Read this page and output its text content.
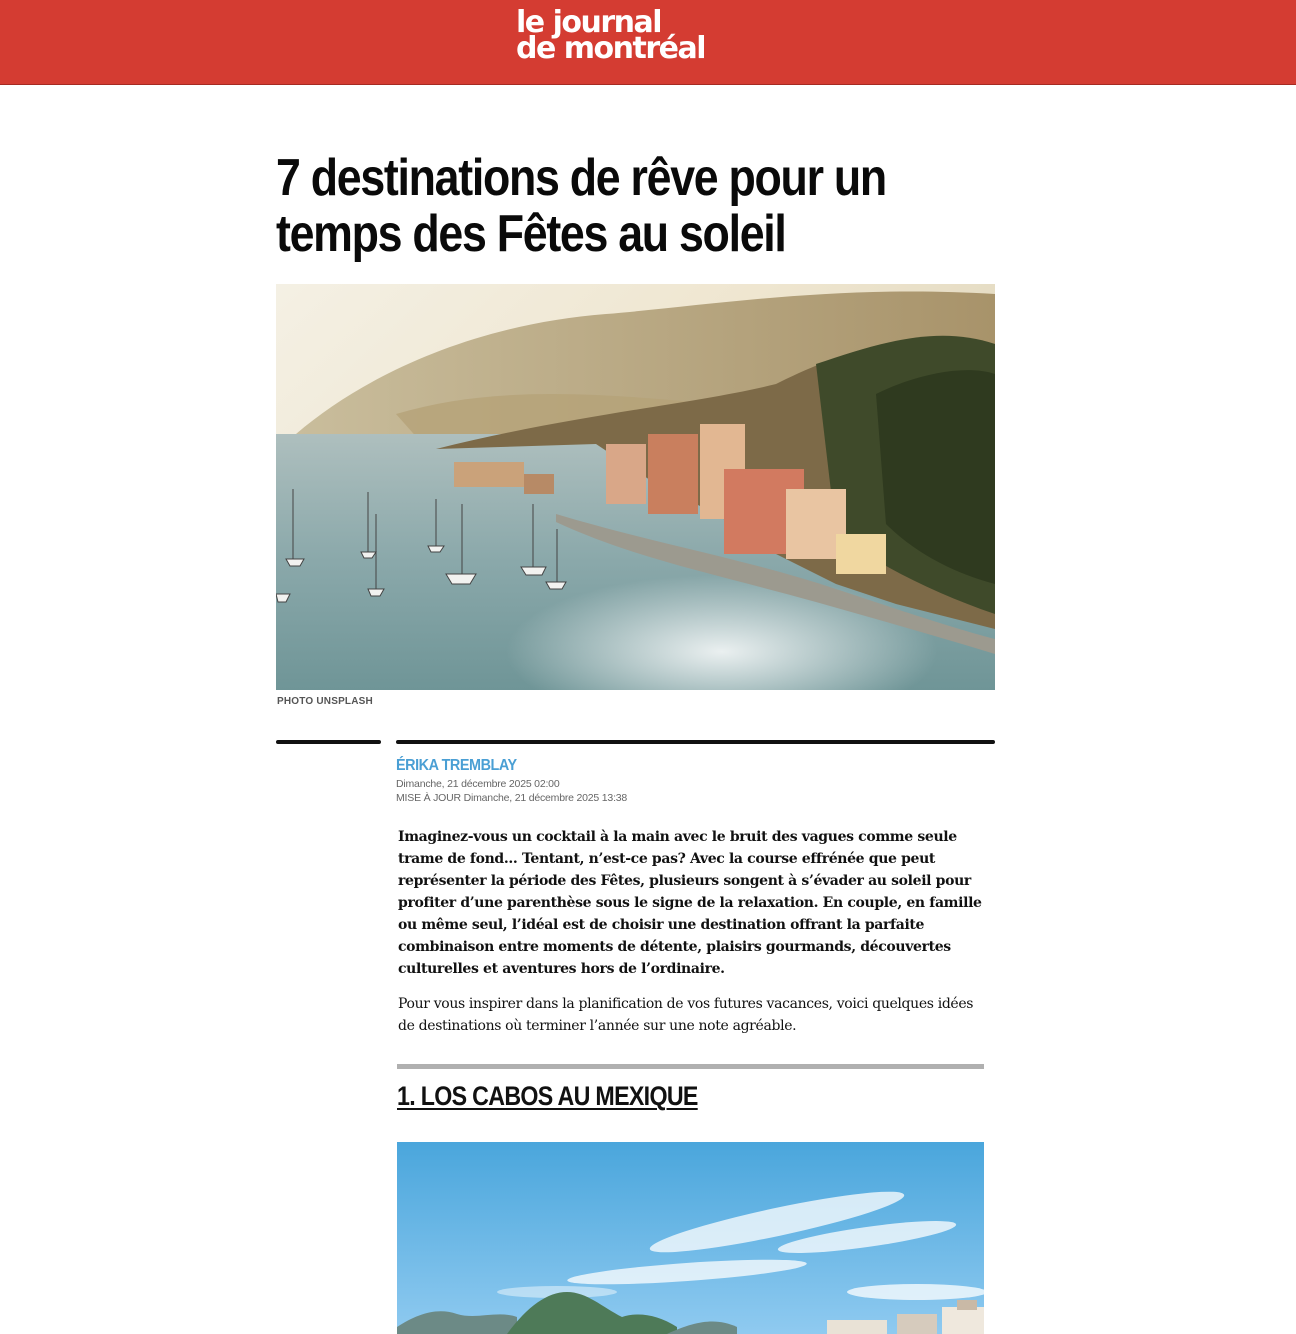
le journal
de montréal
7 destinations de rêve pour un
temps des Fêtes au soleil
PHOTO UNSPLASH
ÉRIKA TREMBLAY
Dimanche, 21 décembre 2025 02:00
MISE À JOUR Dimanche, 21 décembre 2025 13:38

Imaginez-vous un cocktail à la main avec le bruit des vagues comme seule trame de fond... Tentant, n’est-ce pas? Avec la course effrénée que peut représenter la période des Fêtes, plusieurs songent à s’évader au soleil pour profiter d’une parenthèse sous le signe de la relaxation. En couple, en famille ou même seul, l’idéal est de choisir une destination offrant la parfaite combinaison entre moments de détente, plaisirs gourmands, découvertes culturelles et aventures hors de l’ordinaire.

Pour vous inspirer dans la planification de vos futures vacances, voici quelques idées de destinations où terminer l’année sur une note agréable.

1. LOS CABOS AU MEXIQUE
